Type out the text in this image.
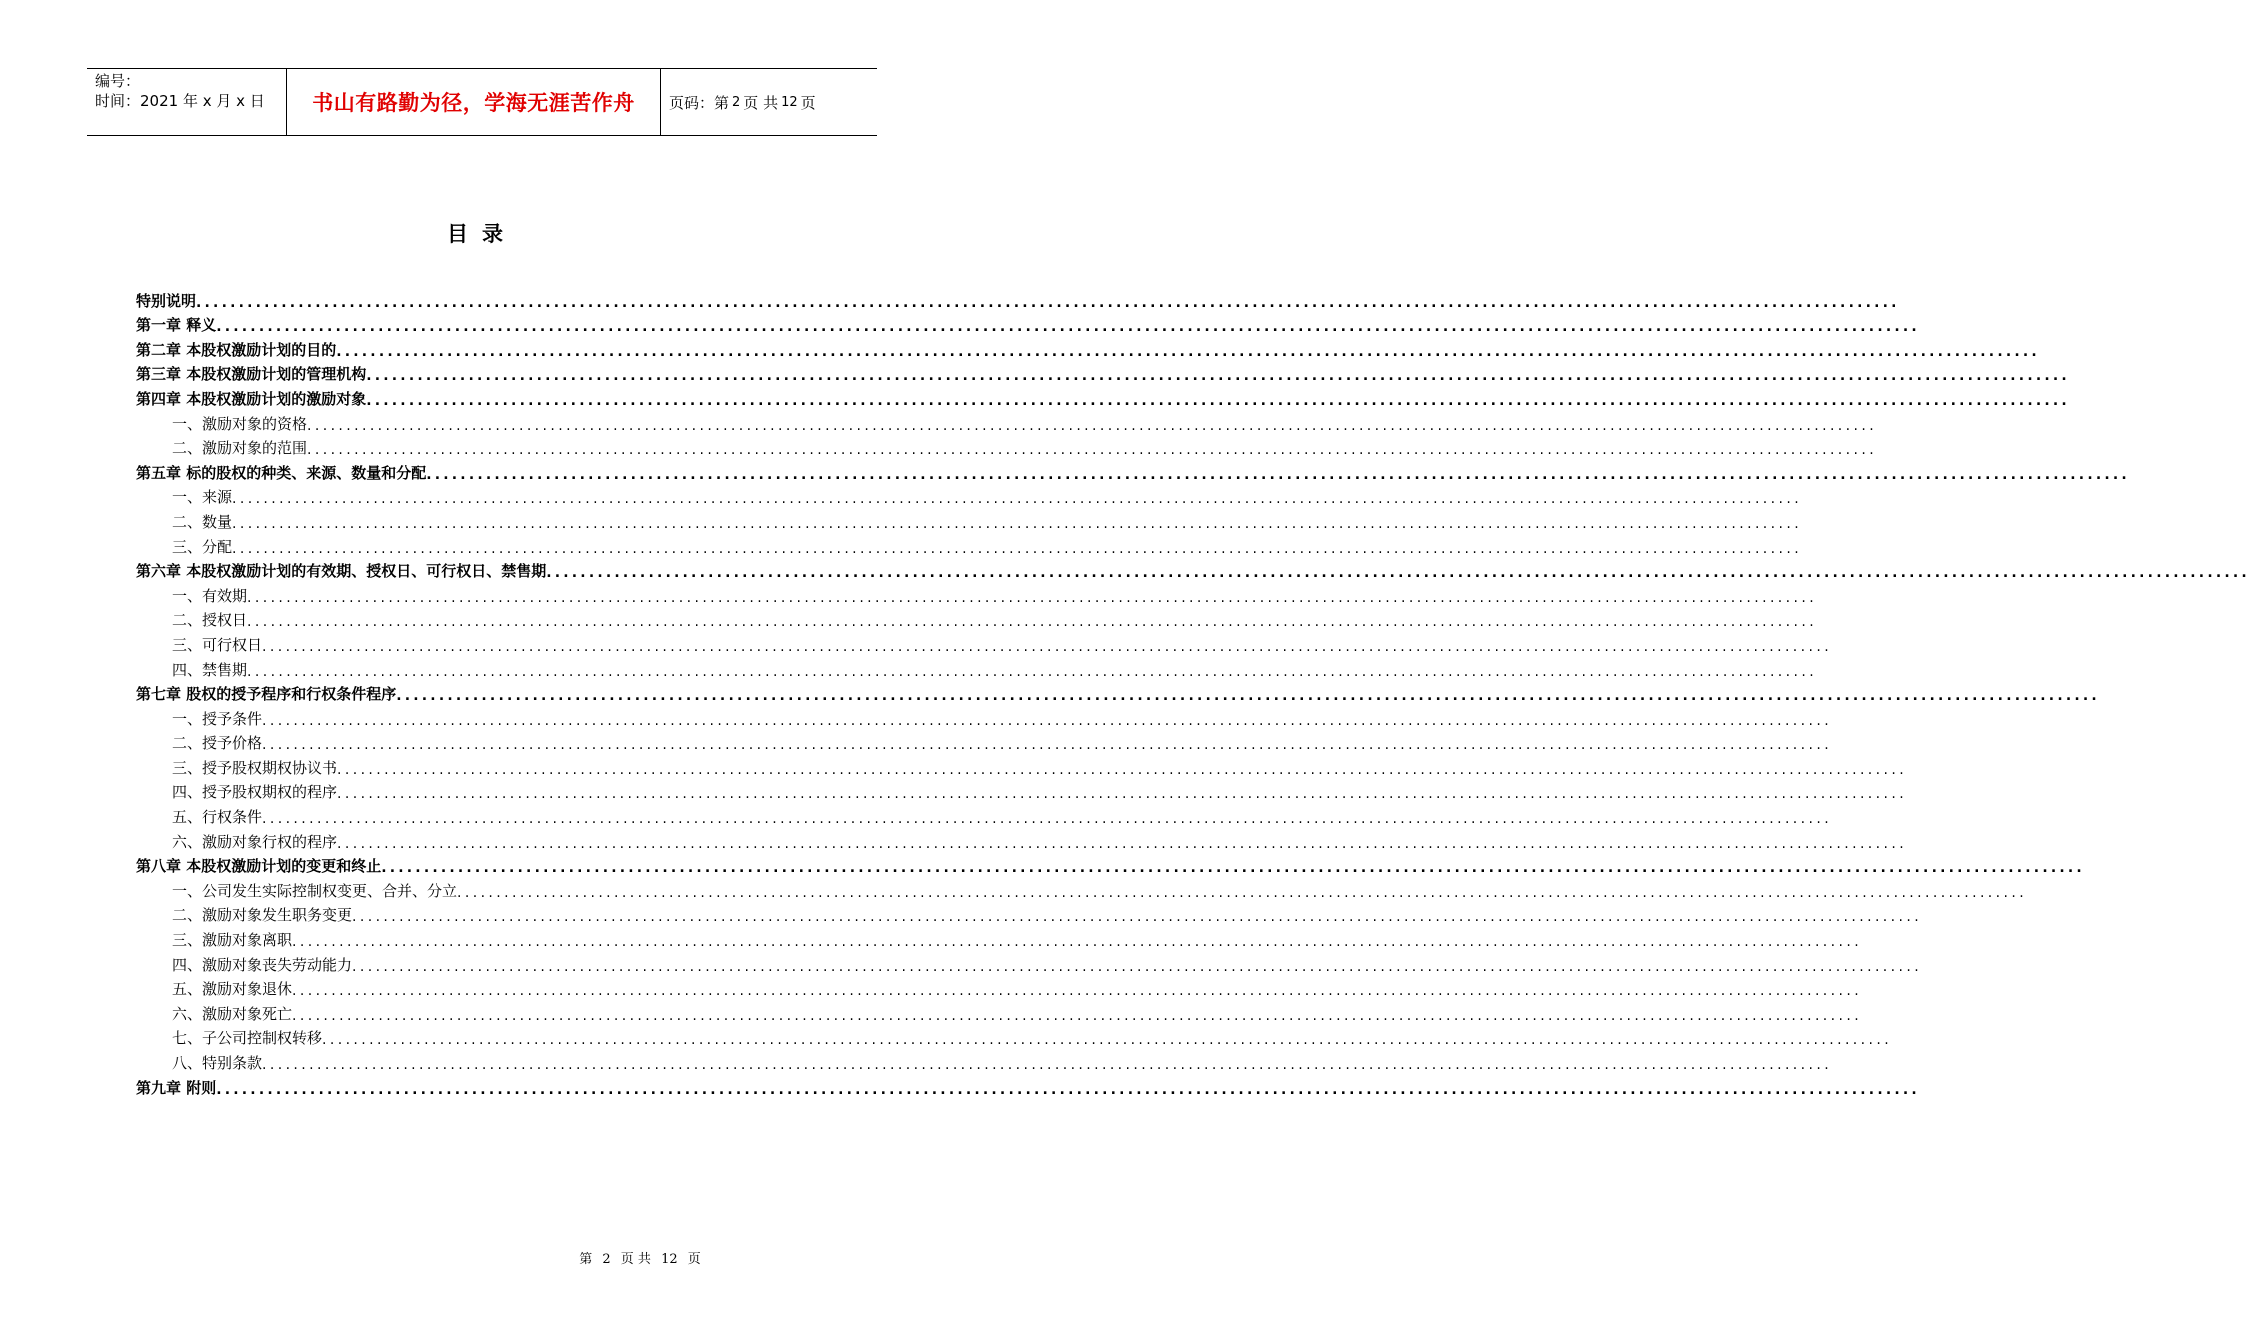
编号：
时间：2021 年 x 月 x 日	书山有路勤为径，学海无涯苦作舟 页码：第 2 页 共 12 页
目录
特别说明 ........................................................................................................................................................................................................
第一章 释义 ........................................................................................................................................................................................................
第二章 本股权激励计划的目的 ........................................................................................................................................................................................................
第三章 本股权激励计划的管理机构 ........................................................................................................................................................................................................
第四章 本股权激励计划的激励对象 ........................................................................................................................................................................................................
一、激励对象的资格 ........................................................................................................................................................................................................
二、激励对象的范围 ........................................................................................................................................................................................................
第五章 标的股权的种类、来源、数量和分配 ........................................................................................................................................................................................................
一、来源 ........................................................................................................................................................................................................
二、数量 ........................................................................................................................................................................................................
三、分配 ........................................................................................................................................................................................................
第六章 本股权激励计划的有效期、授权日、可行权日、禁售期 ........................................................................................................................................................................................................
一、有效期 ........................................................................................................................................................................................................
二、授权日 ........................................................................................................................................................................................................
三、可行权日 ........................................................................................................................................................................................................
四、禁售期 ........................................................................................................................................................................................................
第七章 股权的授予程序和行权条件程序 ........................................................................................................................................................................................................
一、授予条件 ........................................................................................................................................................................................................
二、授予价格 ........................................................................................................................................................................................................
三、授予股权期权协议书 ........................................................................................................................................................................................................
四、授予股权期权的程序 ........................................................................................................................................................................................................
五、行权条件 ........................................................................................................................................................................................................
六、激励对象行权的程序 ........................................................................................................................................................................................................
第八章 本股权激励计划的变更和终止 ........................................................................................................................................................................................................
一、公司发生实际控制权变更、合并、分立 ........................................................................................................................................................................................................
二、激励对象发生职务变更 ........................................................................................................................................................................................................
三、激励对象离职 ........................................................................................................................................................................................................
四、激励对象丧失劳动能力 ........................................................................................................................................................................................................
五、激励对象退休 ........................................................................................................................................................................................................
六、激励对象死亡 ........................................................................................................................................................................................................
七、子公司控制权转移 ........................................................................................................................................................................................................
八、特别条款 ........................................................................................................................................................................................................
第九章 附则 ........................................................................................................................................................................................................
第 2 页 共 12 页
